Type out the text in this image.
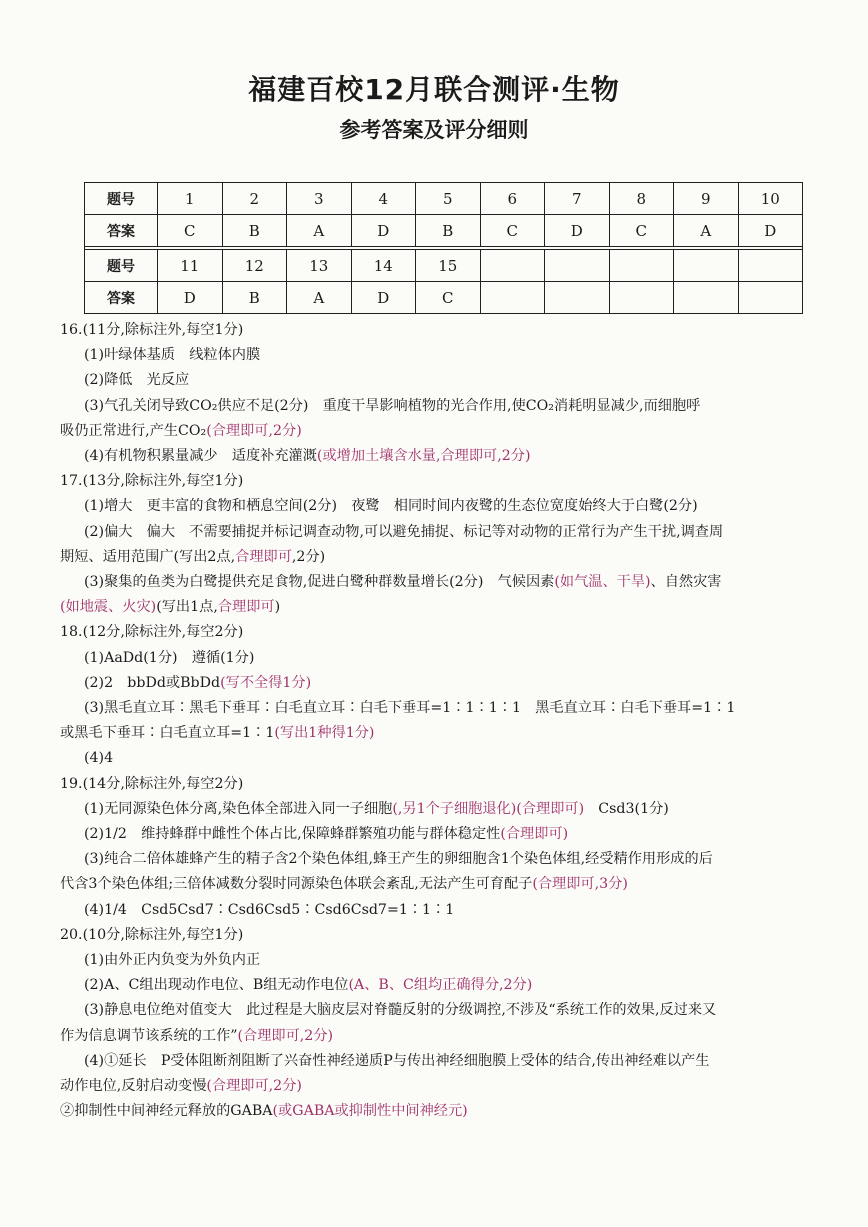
福建百校12月联合测评·生物
参考答案及评分细则
题号	1	2	3	4	5	6	7	8	9	10
答案	C	B	A	D	B	C	D	C	A	D

题号	11	12	13	14	15					
答案	D	B	A	D	C					
16.(11分,除标注外,每空1分)
(1)叶绿体基质　线粒体内膜
(2)降低　光反应
(3)气孔关闭导致CO₂供应不足(2分)　重度干旱影响植物的光合作用,使CO₂消耗明显减少,而细胞呼
吸仍正常进行,产生CO₂(合理即可,2分)
(4)有机物积累量减少　适度补充灌溉(或增加土壤含水量,合理即可,2分)
17.(13分,除标注外,每空1分)
(1)增大　更丰富的食物和栖息空间(2分)　夜鹭　相同时间内夜鹭的生态位宽度始终大于白鹭(2分)
(2)偏大　偏大　不需要捕捉并标记调查动物,可以避免捕捉、标记等对动物的正常行为产生干扰,调查周
期短、适用范围广(写出2点,合理即可,2分)
(3)聚集的鱼类为白鹭提供充足食物,促进白鹭种群数量增长(2分)　气候因素(如气温、干旱)、自然灾害
(如地震、火灾)(写出1点,合理即可)
18.(12分,除标注外,每空2分)
(1)AaDd(1分)　遵循(1分)
(2)2　bbDd或BbDd(写不全得1分)
(3)黑毛直立耳∶黑毛下垂耳∶白毛直立耳∶白毛下垂耳=1∶1∶1∶1　黑毛直立耳∶白毛下垂耳=1∶1
或黑毛下垂耳∶白毛直立耳=1∶1(写出1种得1分)
(4)4
19.(14分,除标注外,每空2分)
(1)无同源染色体分离,染色体全部进入同一子细胞(,另1个子细胞退化)(合理即可)　Csd3(1分)
(2)1/2　维持蜂群中雌性个体占比,保障蜂群繁殖功能与群体稳定性(合理即可)
(3)纯合二倍体雄蜂产生的精子含2个染色体组,蜂王产生的卵细胞含1个染色体组,经受精作用形成的后
代含3个染色体组;三倍体减数分裂时同源染色体联会紊乱,无法产生可育配子(合理即可,3分)
(4)1/4　Csd5Csd7∶Csd6Csd5∶Csd6Csd7=1∶1∶1
20.(10分,除标注外,每空1分)
(1)由外正内负变为外负内正
(2)A、C组出现动作电位、B组无动作电位(A、B、C组均正确得分,2分)
(3)静息电位绝对值变大　此过程是大脑皮层对脊髓反射的分级调控,不涉及“系统工作的效果,反过来又
作为信息调节该系统的工作”(合理即可,2分)
(4)①延长　P受体阻断剂阻断了兴奋性神经递质P与传出神经细胞膜上受体的结合,传出神经难以产生
动作电位,反射启动变慢(合理即可,2分)
②抑制性中间神经元释放的GABA(或GABA或抑制性中间神经元)
